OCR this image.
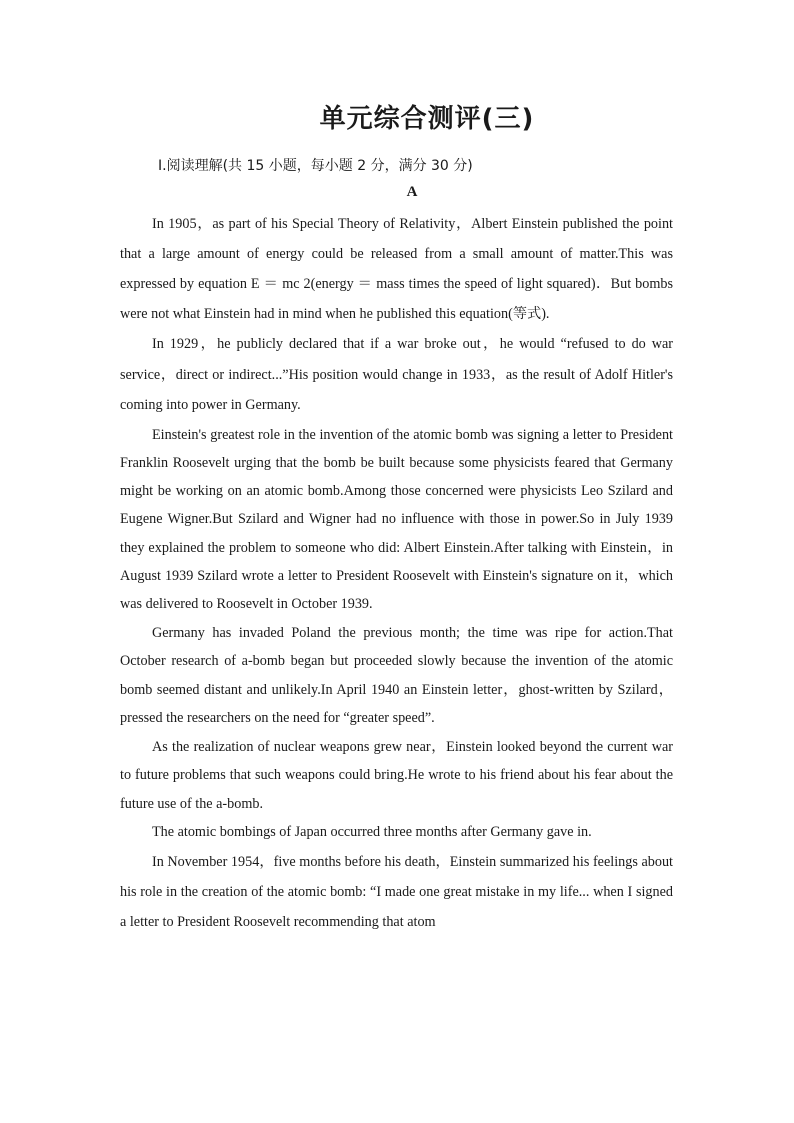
单元综合测评(三)
Ⅰ.阅读理解(共 15 小题，每小题 2 分，满分 30 分)
A

In 1905，as part of his Special Theory of Relativity，Albert Einstein published the point that a large amount of energy could be released from a small amount of matter.This was expressed by equation E ＝ mc 2(energy ＝ mass times the speed of light squared)．But bombs were not what Einstein had in mind when he published this equation(等式).

In 1929，he publicly declared that if a war broke out，he would “refused to do war service，direct or indirect...”His position would change in 1933，as the result of Adolf Hitler's coming into power in Germany.

Einstein's greatest role in the invention of the atomic bomb was signing a letter to President Franklin Roosevelt urging that the bomb be built because some physicists feared that Germany might be working on an atomic bomb.Among those concerned were physicists Leo Szilard and Eugene Wigner.But Szilard and Wigner had no influence with those in power.So in July 1939 they explained the problem to someone who did: Albert Einstein.After talking with Einstein，in August 1939 Szilard wrote a letter to President Roosevelt with Einstein's signature on it，which was delivered to Roosevelt in October 1939.

Germany has invaded Poland the previous month; the time was ripe for action.That October research of a-bomb began but proceeded slowly because the invention of the atomic bomb seemed distant and unlikely.In April 1940 an Einstein letter，ghost-written by Szilard，pressed the researchers on the need for “greater speed”.

As the realization of nuclear weapons grew near，Einstein looked beyond the current war to future problems that such weapons could bring.He wrote to his friend about his fear about the future use of the a-bomb.

The atomic bombings of Japan occurred three months after Germany gave in.

In November 1954，five months before his death，Einstein summarized his feelings about his role in the creation of the atomic bomb: “I made one great mistake in my life... when I signed a letter to President Roosevelt recommending that atom
